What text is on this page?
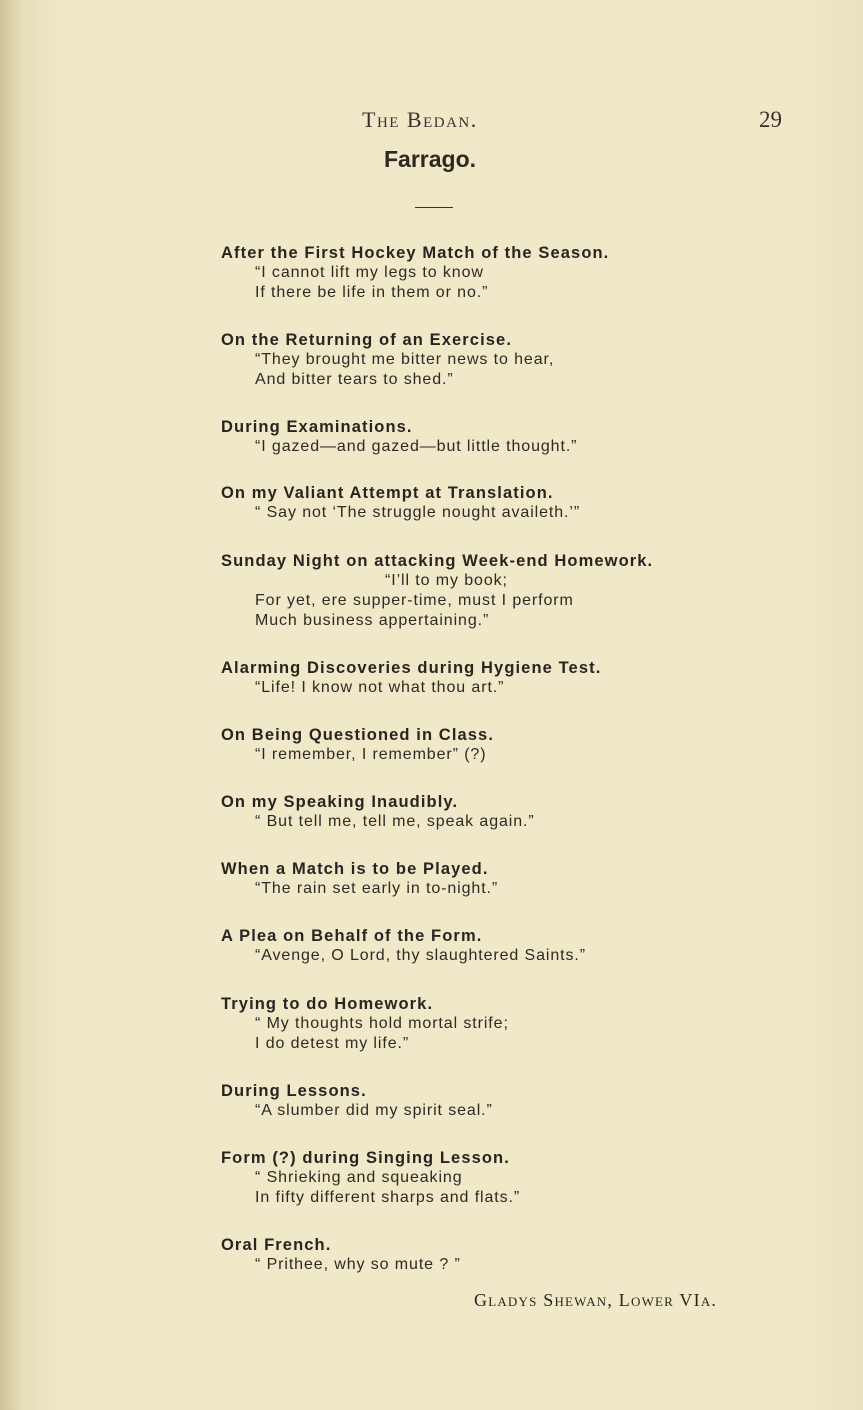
The Bedan.	29
Farrago.
After the First Hockey Match of the Season.
“I cannot lift my legs to know
If there be life in them or no.”
On the Returning of an Exercise.
“They brought me bitter news to hear,
And bitter tears to shed.”
During Examinations.
“I gazed—and gazed—but little thought.”
On my Valiant Attempt at Translation.
“ Say not ‘The struggle nought availeth.’”
Sunday Night on attacking Week-end Homework.
“I’ll to my book;
For yet, ere supper-time, must I perform
Much business appertaining.”
Alarming Discoveries during Hygiene Test.
“Life! I know not what thou art.”
On Being Questioned in Class.
“I remember, I remember” (?)
On my Speaking Inaudibly.
“ But tell me, tell me, speak again.”
When a Match is to be Played.
“The rain set early in to-night.”
A Plea on Behalf of the Form.
“Avenge, O Lord, thy slaughtered Saints.”
Trying to do Homework.
“ My thoughts hold mortal strife;
I do detest my life.”
During Lessons.
“A slumber did my spirit seal.”
Form (?) during Singing Lesson.
“ Shrieking and squeaking
In fifty different sharps and flats.”
Oral French.
“ Prithee, why so mute ? ”
Gladys Shewan, Lower VIa.
